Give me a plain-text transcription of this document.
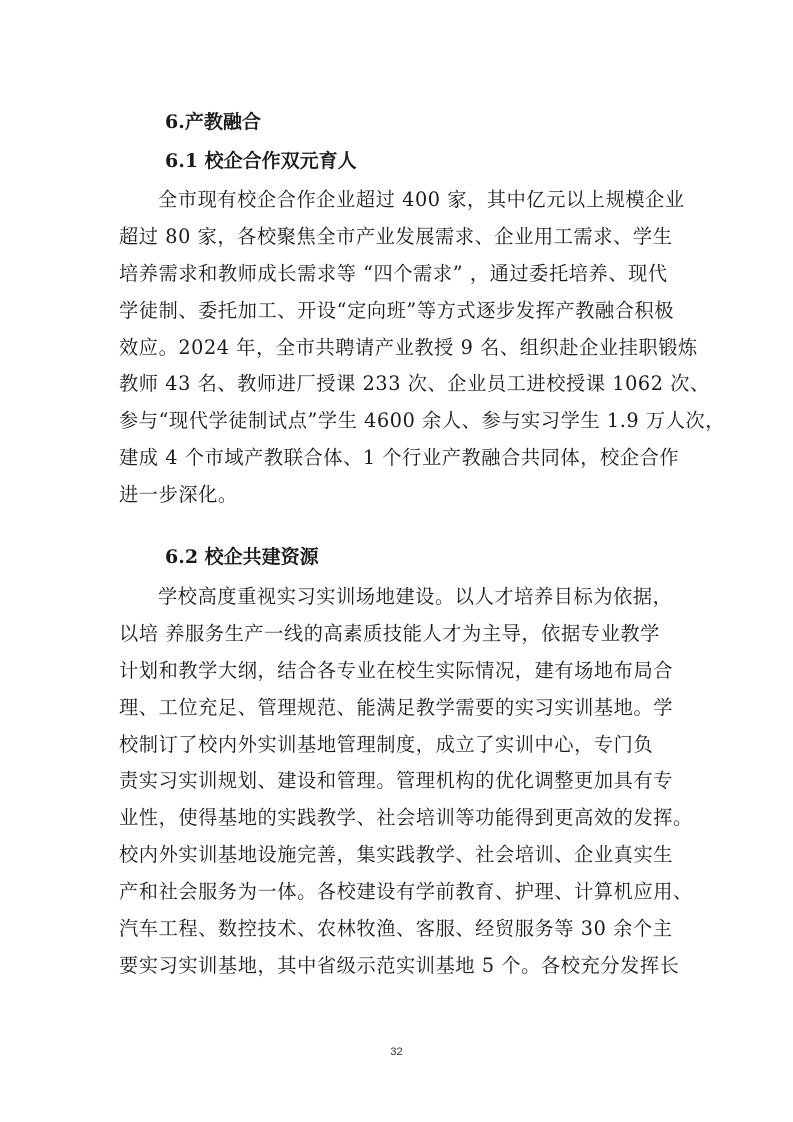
6.产教融合
6.1 校企合作双元育人
全市现有校企合作企业超过 400 家，其中亿元以上规模企业
超过 80 家，各校聚焦全市产业发展需求、企业用工需求、学生
培养需求和教师成长需求等 “四个需求” ，通过委托培养、现代
学徒制、委托加工、开设“定向班”等方式逐步发挥产教融合积极
效应。2024 年，全市共聘请产业教授 9 名、组织赴企业挂职锻炼
教师 43 名、教师进厂授课 233 次、企业员工进校授课 1062 次、
参与“现代学徒制试点”学生 4600 余人、参与实习学生 1.9 万人次，
建成 4 个市域产教联合体、1 个行业产教融合共同体，校企合作
进一步深化。
6.2 校企共建资源
学校高度重视实习实训场地建设。以人才培养目标为依据，
以培 养服务生产一线的高素质技能人才为主导，依据专业教学
计划和教学大纲，结合各专业在校生实际情况，建有场地布局合
理、工位充足、管理规范、能满足教学需要的实习实训基地。学
校制订了校内外实训基地管理制度，成立了实训中心，专门负
责实习实训规划、建设和管理。管理机构的优化调整更加具有专
业性，使得基地的实践教学、社会培训等功能得到更高效的发挥。
校内外实训基地设施完善，集实践教学、社会培训、企业真实生
产和社会服务为一体。各校建设有学前教育、护理、计算机应用、
汽车工程、数控技术、农林牧渔、客服、经贸服务等 30 余个主
要实习实训基地，其中省级示范实训基地 5 个。各校充分发挥长
32
